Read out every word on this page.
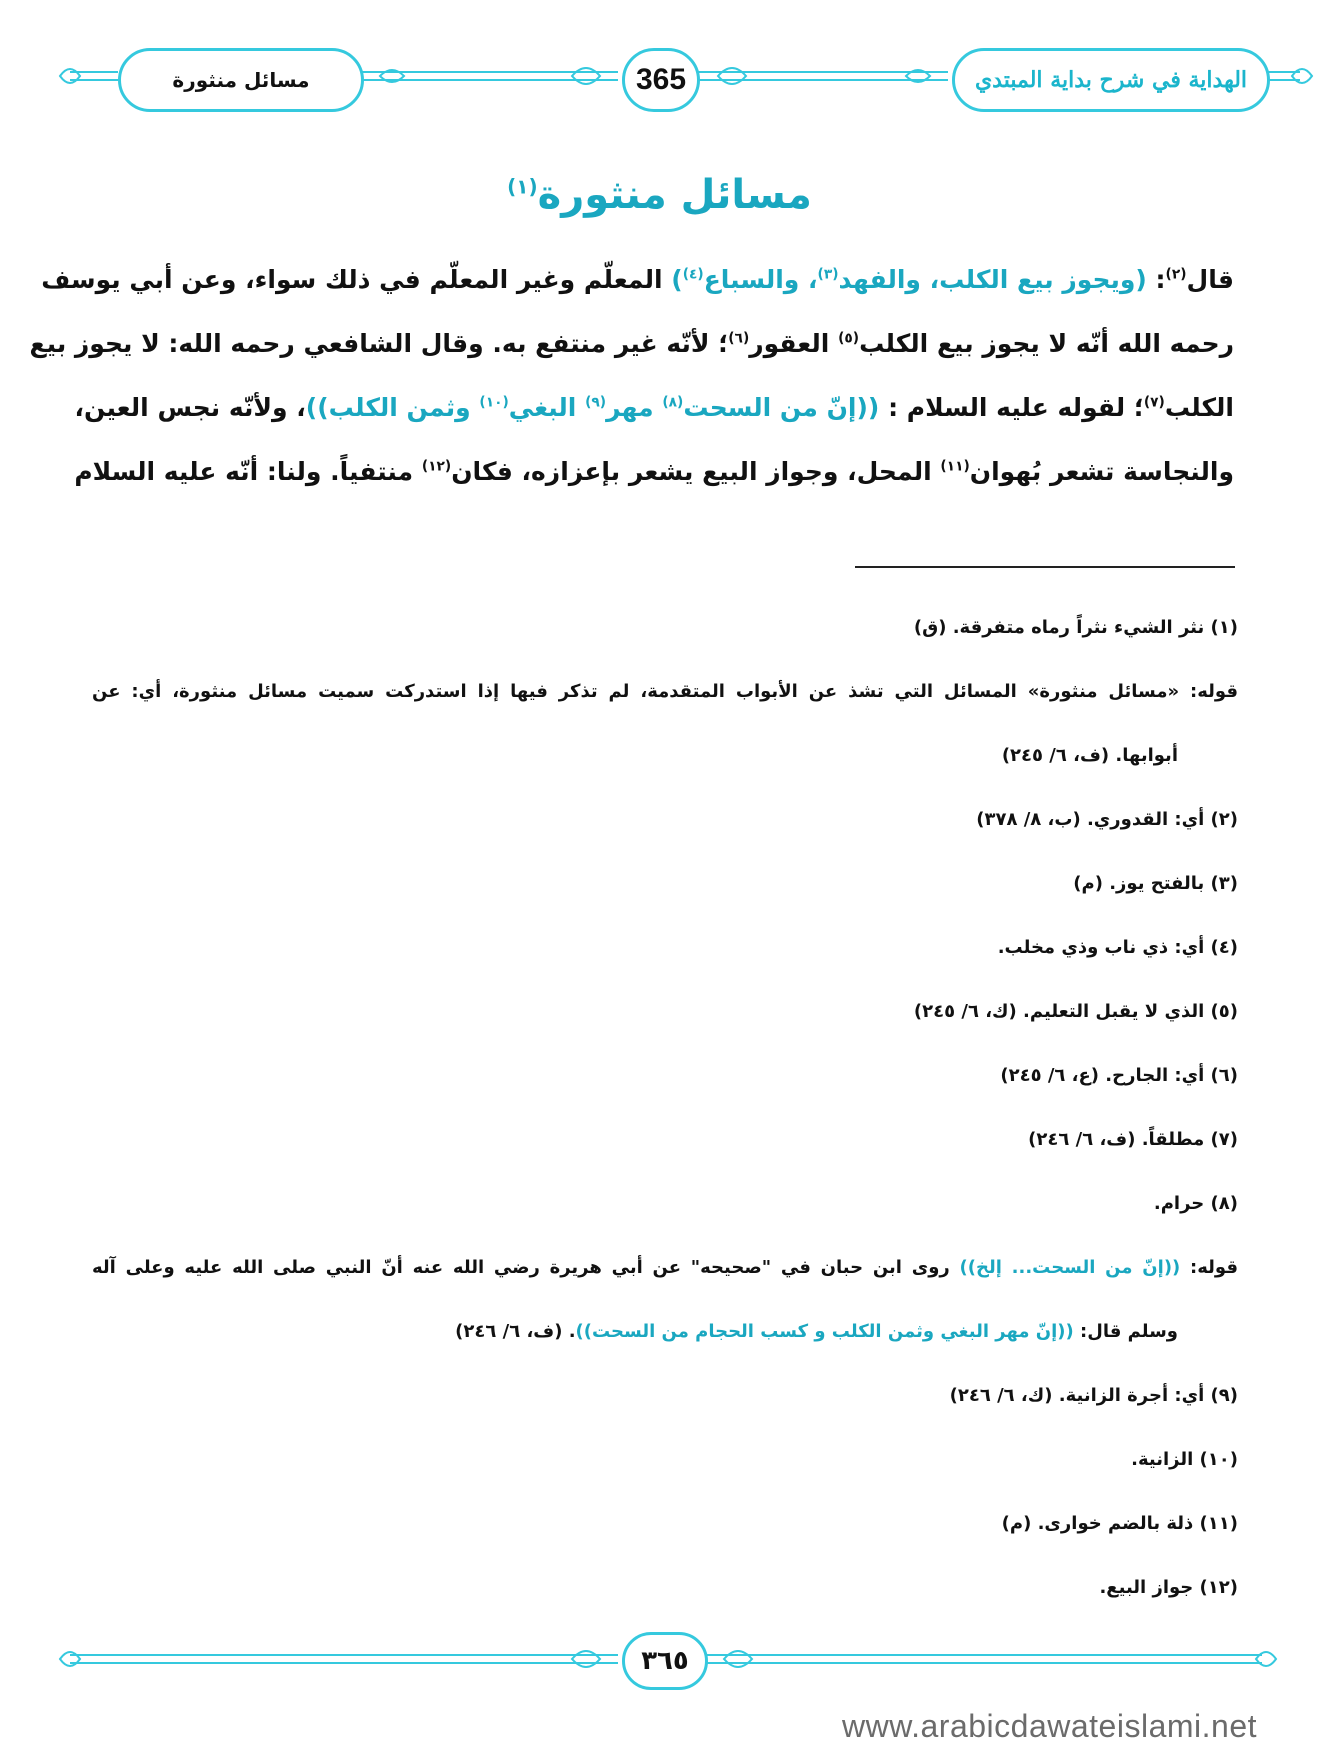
مسائل منثورة	365	الهداية في شرح بداية المبتدي
مسائل منثورة$^{(١)}$
قال$^{(٢)}$: (ويجوز بيع الكلب، والفهد$^{(٣)}$، والسباع$^{(٤)}$) المعلّم وغير المعلّم في ذلك سواء، وعن أبي يوسف
رحمه الله أنّه لا يجوز بيع الكلب$^{(٥)}$ العقور$^{(٦)}$؛ لأنّه غير منتفع به. وقال الشافعي رحمه الله: لا يجوز بيع
الكلب$^{(٧)}$؛ لقوله عليه السلام : ((إنّ من السحت$^{(٨)}$ مهر$^{(٩)}$ البغي$^{(١٠)}$ وثمن الكلب))، ولأنّه نجس العين،
والنجاسة تشعر بُهوان$^{(١١)}$ المحل، وجواز البيع يشعر بإعزازه، فكان$^{(١٢)}$ منتفياً. ولنا: أنّه عليه السلام
(١) نثر الشيء نثراً رماه متفرقة. (ق)
قوله: «مسائل منثورة» المسائل التي تشذ عن الأبواب المتقدمة، لم تذكر فيها إذا استدركت سميت مسائل منثورة، أي: عن
أبوابها. (ف، ٦/ ٢٤٥)
(٢) أي: القدوري. (ب، ٨/ ٣٧٨)
(٣) بالفتح يوز. (م)
(٤) أي: ذي ناب وذي مخلب.
(٥) الذي لا يقبل التعليم. (ك، ٦/ ٢٤٥)
(٦) أي: الجارح. (ع، ٦/ ٢٤٥)
(٧) مطلقاً. (ف، ٦/ ٢٤٦)
(٨) حرام.
قوله: ((إنّ من السحت... إلخ)) روى ابن حبان في "صحيحه" عن أبي هريرة رضي الله عنه أنّ النبي صلى الله عليه وعلى آله
وسلم قال: ((إنّ مهر البغي وثمن الكلب و كسب الحجام من السحت)). (ف، ٦/ ٢٤٦)
(٩) أي: أجرة الزانية. (ك، ٦/ ٢٤٦)
(١٠) الزانية.
(١١) ذلة بالضم خوارى. (م)
(١٢) جواز البيع.
٣٦٥
www.arabicdawateislami.net
